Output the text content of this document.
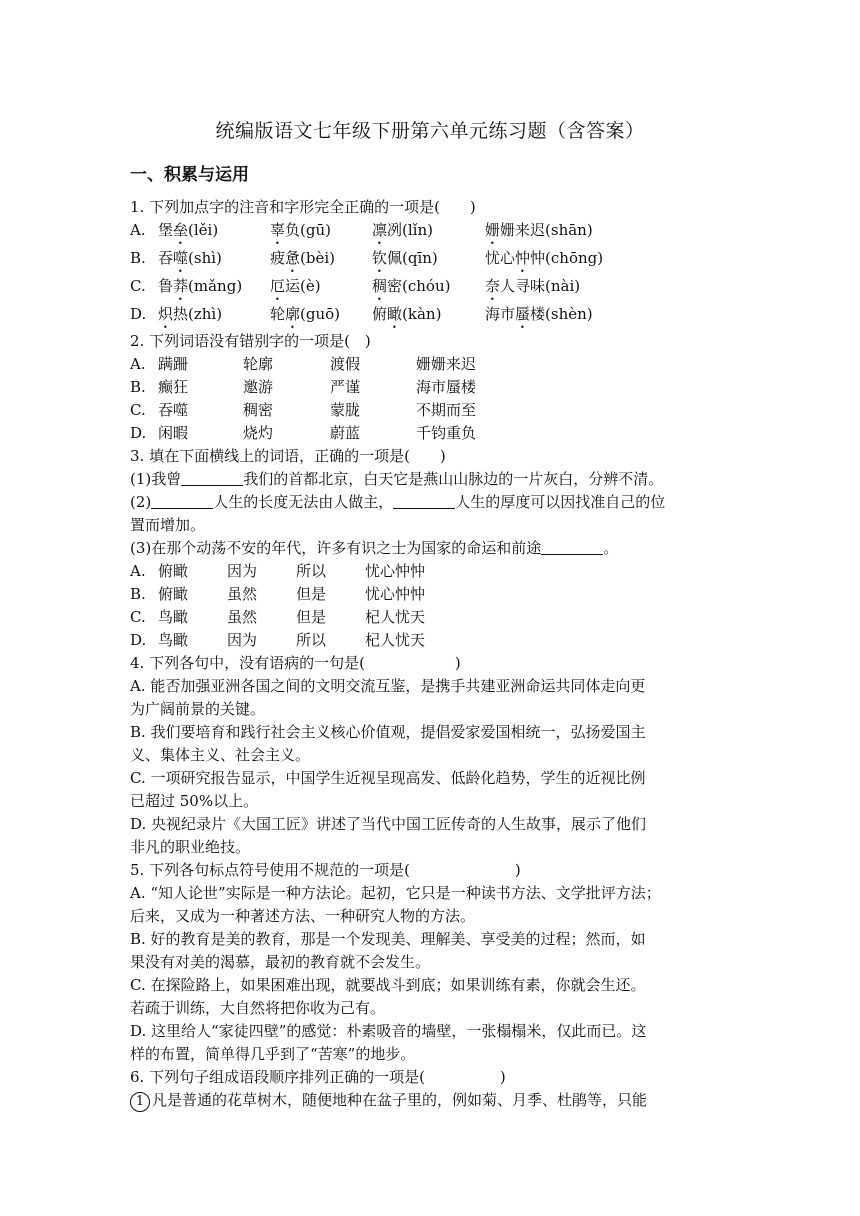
统编版语文七年级下册第六单元练习题（含答案）
一、积累与运用
1. 下列加点字的注音和字形完全正确的一项是(　　)
A. 堡垒(lěi)	辜负(gū)	凛冽(lǐn)	姗姗来迟(shān)
B. 吞噬(shì)	疲惫(bèi) 钦佩(qīn)	忧心忡忡(chōng)
C. 鲁莽(mǎng) 厄运(è)	稠密(chóu) 奈人寻味(nài)
D. 炽热(zhì)	轮廓(guō) 俯瞰(kàn)	海市蜃楼(shèn)
2. 下列词语没有错别字的一项是(　)
A. 蹒跚	轮廓	渡假	姗姗来迟
B. 癫狂	邀游	严谨	海市蜃楼
C. 吞噬	稠密	蒙胧	不期而至
D. 闲暇	烧灼	蔚蓝	千钧重负
3. 填在下面横线上的词语，正确的一项是(　　)
(1)我曾	我们的首都北京，白天它是燕山山脉边的一片灰白，分辨不清。
(2)	人生的长度无法由人做主，	人生的厚度可以因找准自己的位
置而增加。
(3)在那个动荡不安的年代，许多有识之士为国家的命运和前途	。
A. 俯瞰	因为	所以	忧心忡忡
B. 俯瞰	虽然	但是	忧心忡忡
C. 鸟瞰	虽然	但是	杞人忧天
D. 鸟瞰	因为	所以	杞人忧天
4. 下列各句中，没有语病的一句是(　　　　　　)
A. 能否加强亚洲各国之间的文明交流互鉴，是携手共建亚洲命运共同体走向更
为广阔前景的关键。
B. 我们要培育和践行社会主义核心价值观，提倡爱家爱国相统一，弘扬爱国主
义、集体主义、社会主义。
C. 一项研究报告显示，中国学生近视呈现高发、低龄化趋势，学生的近视比例
已超过 50%以上。
D. 央视纪录片《大国工匠》讲述了当代中国工匠传奇的人生故事，展示了他们
非凡的职业绝技。
5. 下列各句标点符号使用不规范的一项是(　　　　　　　)
A. “知人论世”实际是一种方法论。起初，它只是一种读书方法、文学批评方法；
后来，又成为一种著述方法、一种研究人物的方法。
B. 好的教育是美的教育，那是一个发现美、理解美、享受美的过程；然而，如
果没有对美的渴慕，最初的教育就不会发生。
C. 在探险路上，如果困难出现，就要战斗到底；如果训练有素，你就会生还。
若疏于训练，大自然将把你收为己有。
D. 这里给人“家徒四壁”的感觉：朴素吸音的墙壁，一张榻榻米，仅此而已。这
样的布置，简单得几乎到了“苦寒”的地步。
6. 下列句子组成语段顺序排列正确的一项是(　　　　　)
1 凡是普通的花草树木，随便地种在盆子里的，例如菊、月季、杜鹃等，只能
